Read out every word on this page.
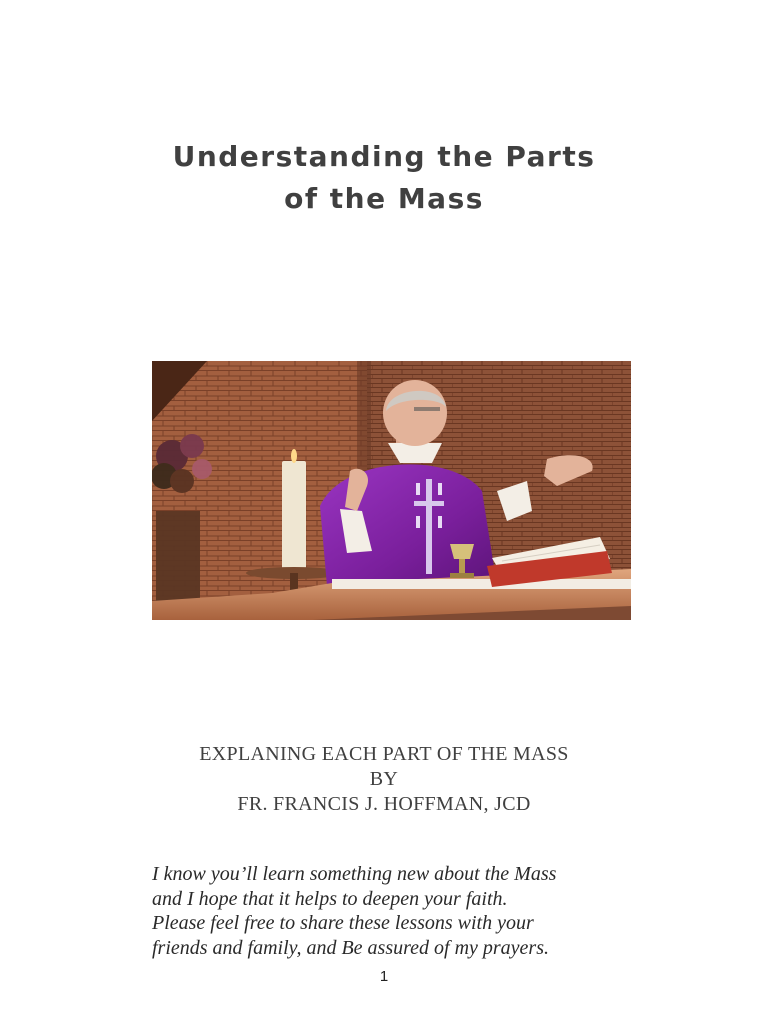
Understanding the Parts
of the Mass
EXPLANING EACH PART OF THE MASS
BY
FR. FRANCIS J. HOFFMAN, JCD
I know you’ll learn something new about the Mass
and I hope that it helps to deepen your faith.
Please feel free to share these lessons with your
friends and family, and Be assured of my prayers.
1
